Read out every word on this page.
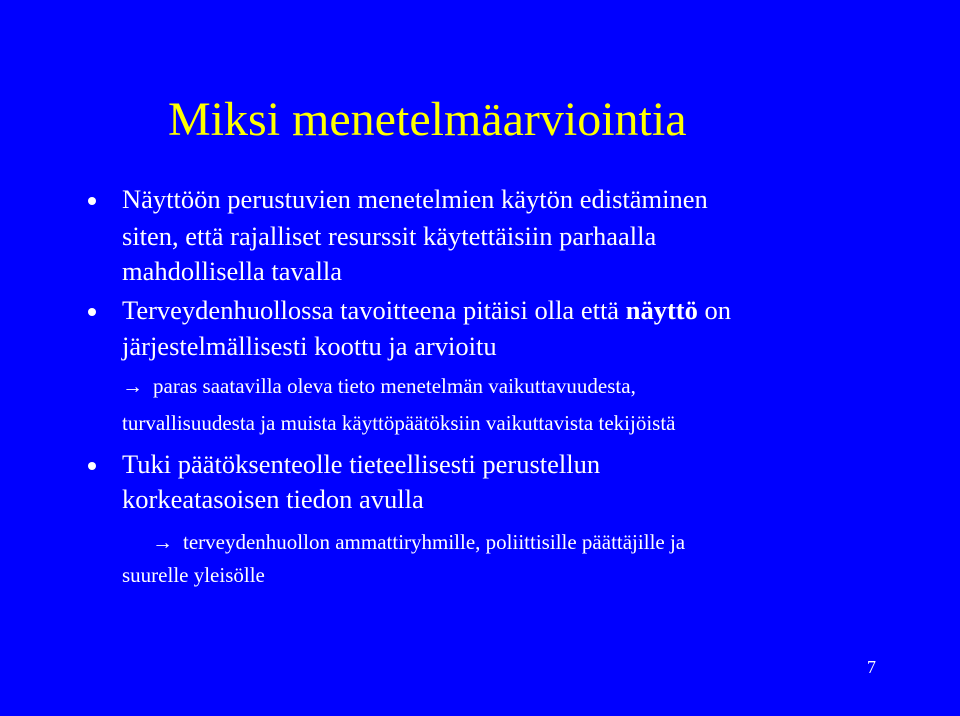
Miksi menetelmäarviointia

Näyttöön perustuvien menetelmien käytön edistäminen

siten, että rajalliset resurssit käytettäisiin parhaalla

mahdollisella tavalla

Terveydenhuollossa tavoitteena pitäisi olla että näyttö on

järjestelmällisesti koottu ja arvioitu

→ paras saatavilla oleva tieto menetelmän vaikuttavuudesta,

turvallisuudesta ja muista käyttöpäätöksiin vaikuttavista tekijöistä

Tuki päätöksenteolle tieteellisesti perustellun

korkeatasoisen tiedon avulla

→ terveydenhuollon ammattiryhmille, poliittisille päättäjille ja

suurelle yleisölle

7
